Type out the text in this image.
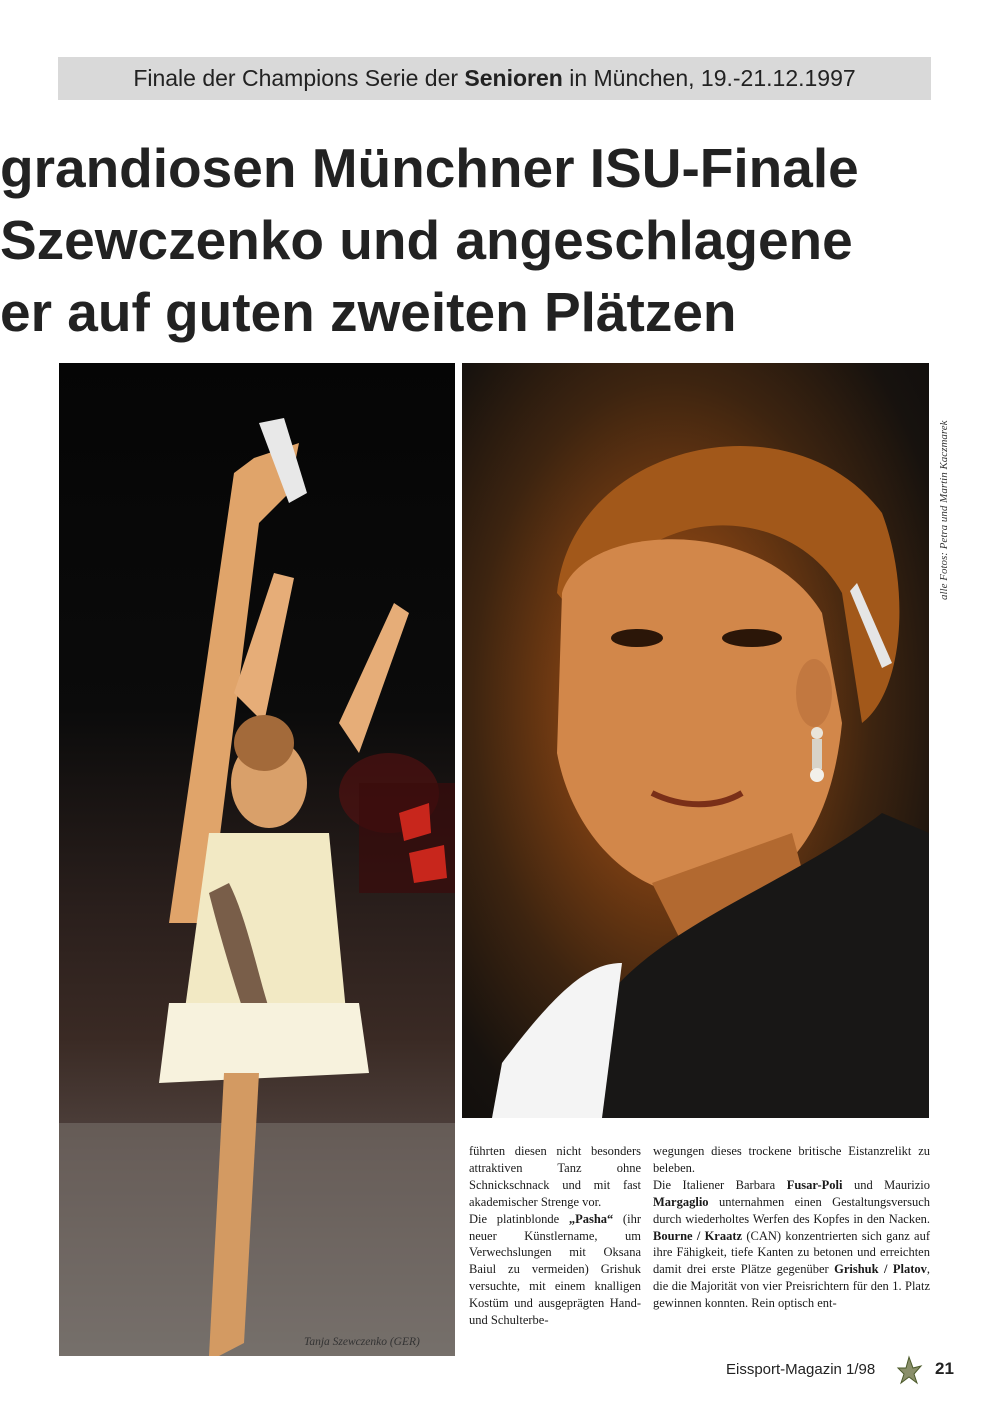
Finale der Champions Serie der Senioren in München, 19.-21.12.1997
grandiosen Münchner ISU-Finale
Szewczenko und angeschlagene
er auf guten zweiten Plätzen
alle Fotos: Petra und Martin Kaczmarek
Tanja Szewczenko (GER)

führten diesen nicht besonders attraktiven Tanz ohne Schnickschnack und mit fast akademischer Strenge vor.

Die platinblonde „Pasha“ (ihr neuer Künstlername, um Verwechslungen mit Oksana Baiul zu vermeiden) Grishuk versuchte, mit einem knalligen Kostüm und ausgeprägten Hand- und Schulterbe-

wegungen dieses trockene britische Eistanzrelikt zu beleben.

Die Italiener Barbara Fusar-Poli und Maurizio Margaglio unternahmen einen Gestaltungsversuch durch wiederholtes Werfen des Kopfes in den Nacken. Bourne / Kraatz (CAN) konzentrierten sich ganz auf ihre Fähigkeit, tiefe Kanten zu betonen und erreichten damit drei erste Plätze gegenüber Grishuk / Platov, die die Majorität von vier Preisrichtern für den 1. Platz gewinnen konnten. Rein optisch ent-

Eissport-Magazin 1/98	21
